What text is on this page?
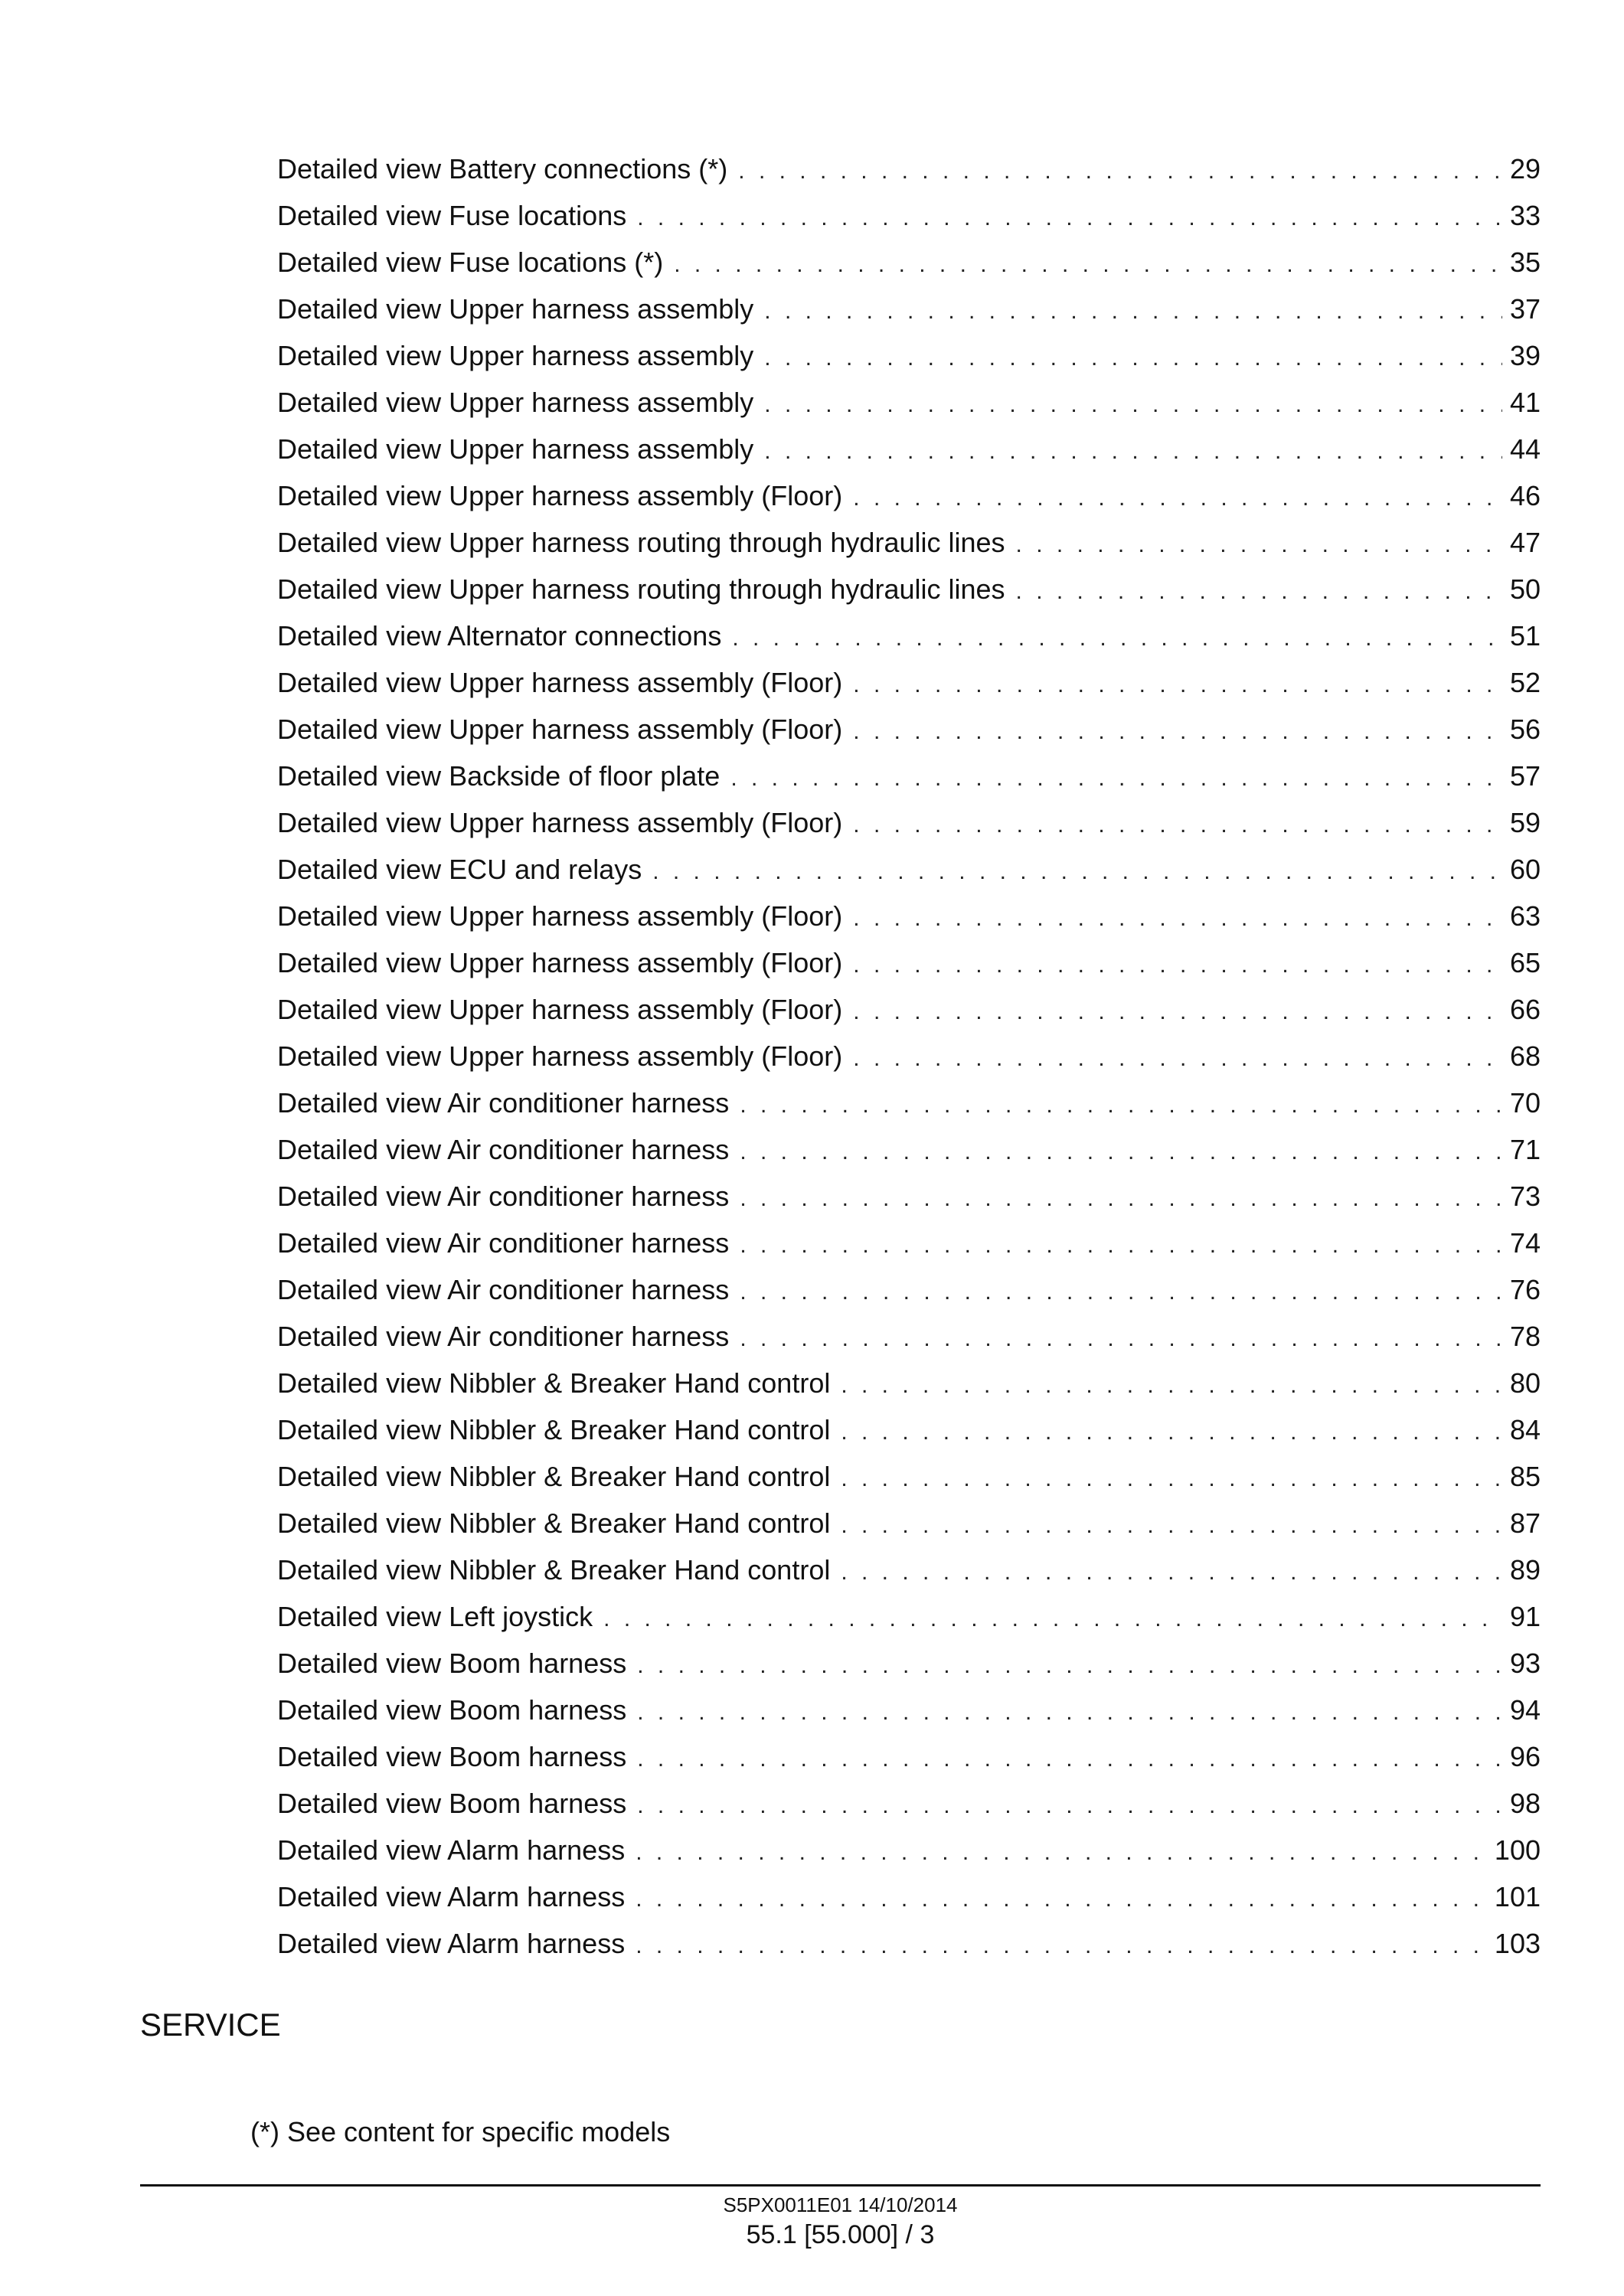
Detailed view Battery connections (*) . . .	29
Detailed view Fuse locations . . .	33
Detailed view Fuse locations (*) . . .	35
Detailed view Upper harness assembly . . .	37
Detailed view Upper harness assembly . . .	39
Detailed view Upper harness assembly . . .	41
Detailed view Upper harness assembly . . .	44
Detailed view Upper harness assembly (Floor) . . .	46
Detailed view Upper harness routing through hydraulic lines . . .	47
Detailed view Upper harness routing through hydraulic lines . . .	50
Detailed view Alternator connections . . .	51
Detailed view Upper harness assembly (Floor) . . .	52
Detailed view Upper harness assembly (Floor) . . .	56
Detailed view Backside of floor plate . . .	57
Detailed view Upper harness assembly (Floor) . . .	59
Detailed view ECU and relays . . .	60
Detailed view Upper harness assembly (Floor) . . .	63
Detailed view Upper harness assembly (Floor) . . .	65
Detailed view Upper harness assembly (Floor) . . .	66
Detailed view Upper harness assembly (Floor) . . .	68
Detailed view Air conditioner harness . . .	70
Detailed view Air conditioner harness . . .	71
Detailed view Air conditioner harness . . .	73
Detailed view Air conditioner harness . . .	74
Detailed view Air conditioner harness . . .	76
Detailed view Air conditioner harness . . .	78
Detailed view Nibbler & Breaker Hand control . . .	80
Detailed view Nibbler & Breaker Hand control . . .	84
Detailed view Nibbler & Breaker Hand control . . .	85
Detailed view Nibbler & Breaker Hand control . . .	87
Detailed view Nibbler & Breaker Hand control . . .	89
Detailed view Left joystick . . .	91
Detailed view Boom harness . . .	93
Detailed view Boom harness . . .	94
Detailed view Boom harness . . .	96
Detailed view Boom harness . . .	98
Detailed view Alarm harness . . .	100
Detailed view Alarm harness . . .	101
Detailed view Alarm harness . . .	103
SERVICE
(*) See content for specific models
S5PX0011E01 14/10/2014
55.1 [55.000] / 3
